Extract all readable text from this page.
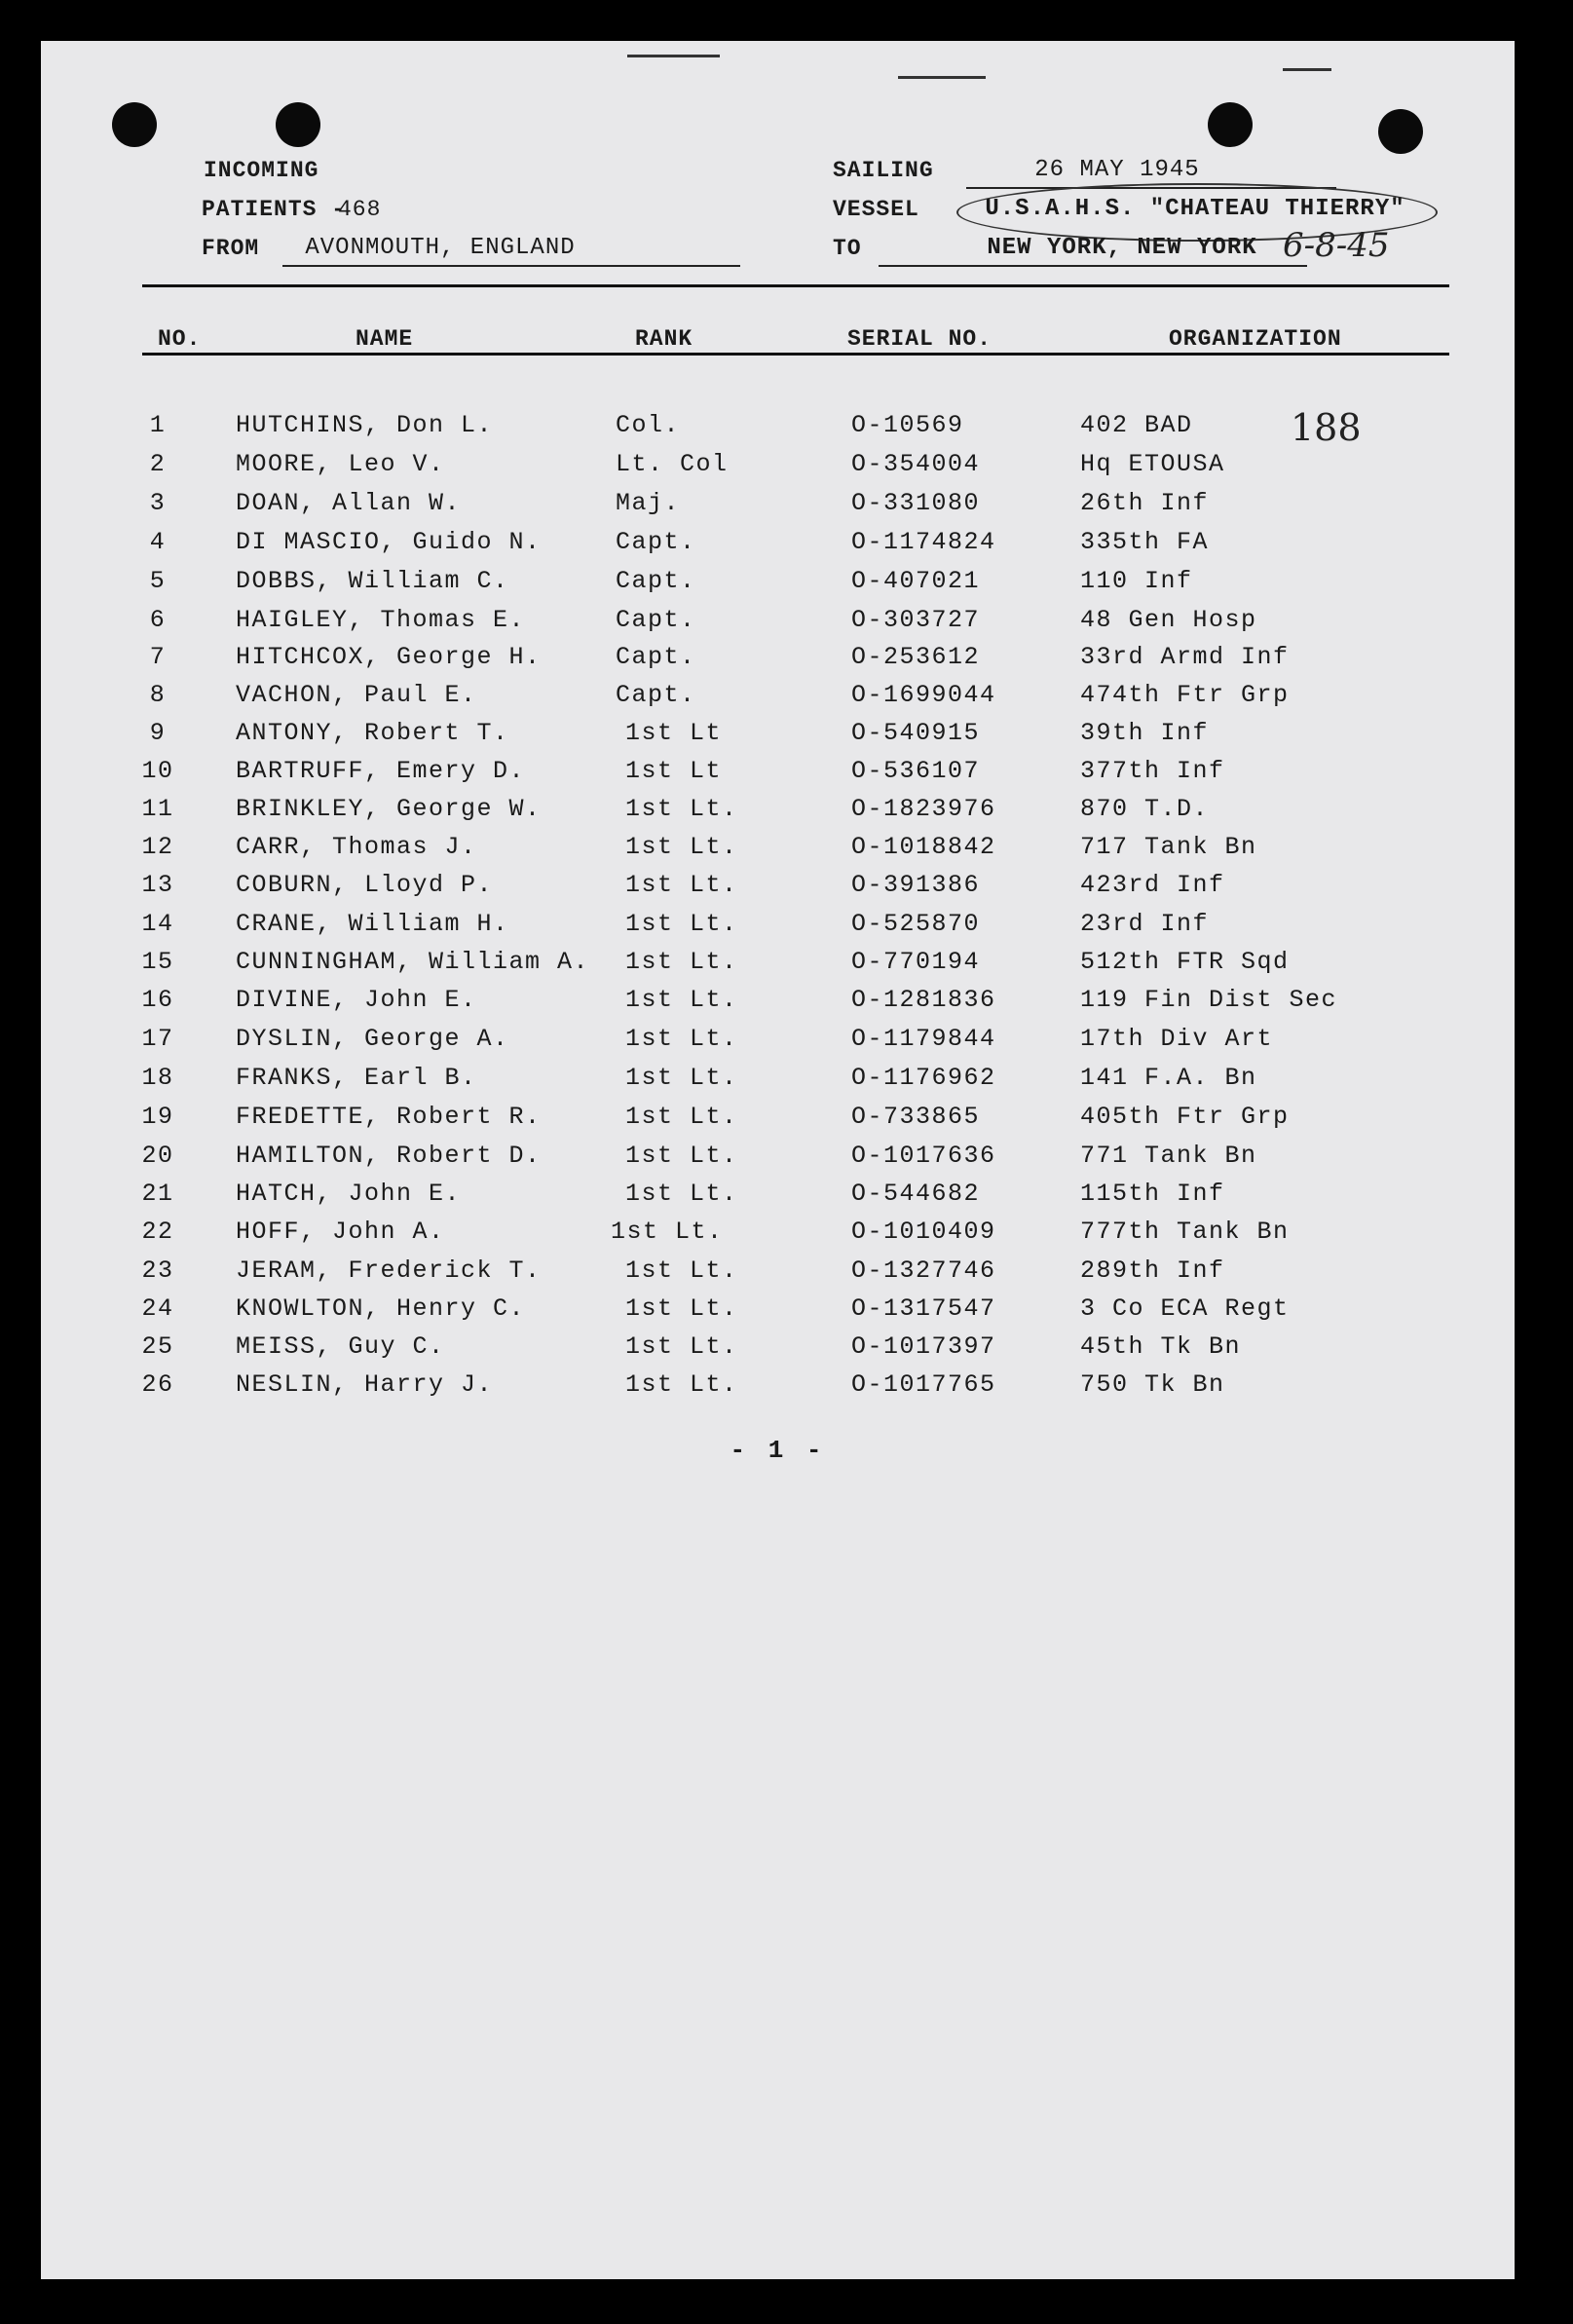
INCOMING
PATIENTS -
468
FROM	AVONMOUTH, ENGLAND
SAILING	26 MAY 1945
VESSEL	U.S.A.H.S. "CHATEAU THIERRY"
TO	NEW YORK, NEW YORK 6-8-45
NO.	NAME	RANK	SERIAL NO.	ORGANIZATION
188
1	HUTCHINS, Don L.	Col.	O-10569	402 BAD
2	MOORE, Leo V.	Lt. Col	O-354004	Hq ETOUSA
3	DOAN, Allan W.	Maj.	O-331080	26th Inf
4	DI MASCIO, Guido N.	Capt.	O-1174824	335th FA
5	DOBBS, William C.	Capt.	O-407021	110 Inf
6	HAIGLEY, Thomas E.	Capt.	O-303727	48 Gen Hosp
7	HITCHCOX, George H.	Capt.	O-253612	33rd Armd Inf
8	VACHON, Paul E.	Capt.	O-1699044	474th Ftr Grp
9	ANTONY, Robert T.	1st Lt	O-540915	39th Inf
10	BARTRUFF, Emery D.	1st Lt	O-536107	377th Inf
11	BRINKLEY, George W.	1st Lt.	O-1823976	870 T.D.
12	CARR, Thomas J.	1st Lt.	O-1018842	717 Tank Bn
13	COBURN, Lloyd P.	1st Lt.	O-391386	423rd Inf
14	CRANE, William H.	1st Lt.	O-525870	23rd Inf
15	CUNNINGHAM, William A. 1st Lt.	O-770194	512th FTR Sqd
16	DIVINE, John E.	1st Lt.	O-1281836	119 Fin Dist Sec
17	DYSLIN, George A.	1st Lt.	O-1179844	17th Div Art
18	FRANKS, Earl B.	1st Lt.	O-1176962	141 F.A. Bn
19	FREDETTE, Robert R.	1st Lt.	O-733865	405th Ftr Grp
20	HAMILTON, Robert D.	1st Lt.	O-1017636	771 Tank Bn
21	HATCH, John E.	1st Lt.	O-544682	115th Inf
22	HOFF, John A.	1st Lt.	O-1010409	777th Tank Bn
23	JERAM, Frederick T.	1st Lt.	O-1327746	289th Inf
24	KNOWLTON, Henry C.	1st Lt.	O-1317547	3 Co ECA Regt
25	MEISS, Guy C.	1st Lt.	O-1017397	45th Tk Bn
26	NESLIN, Harry J.	1st Lt.	O-1017765	750 Tk Bn
- 1 -
